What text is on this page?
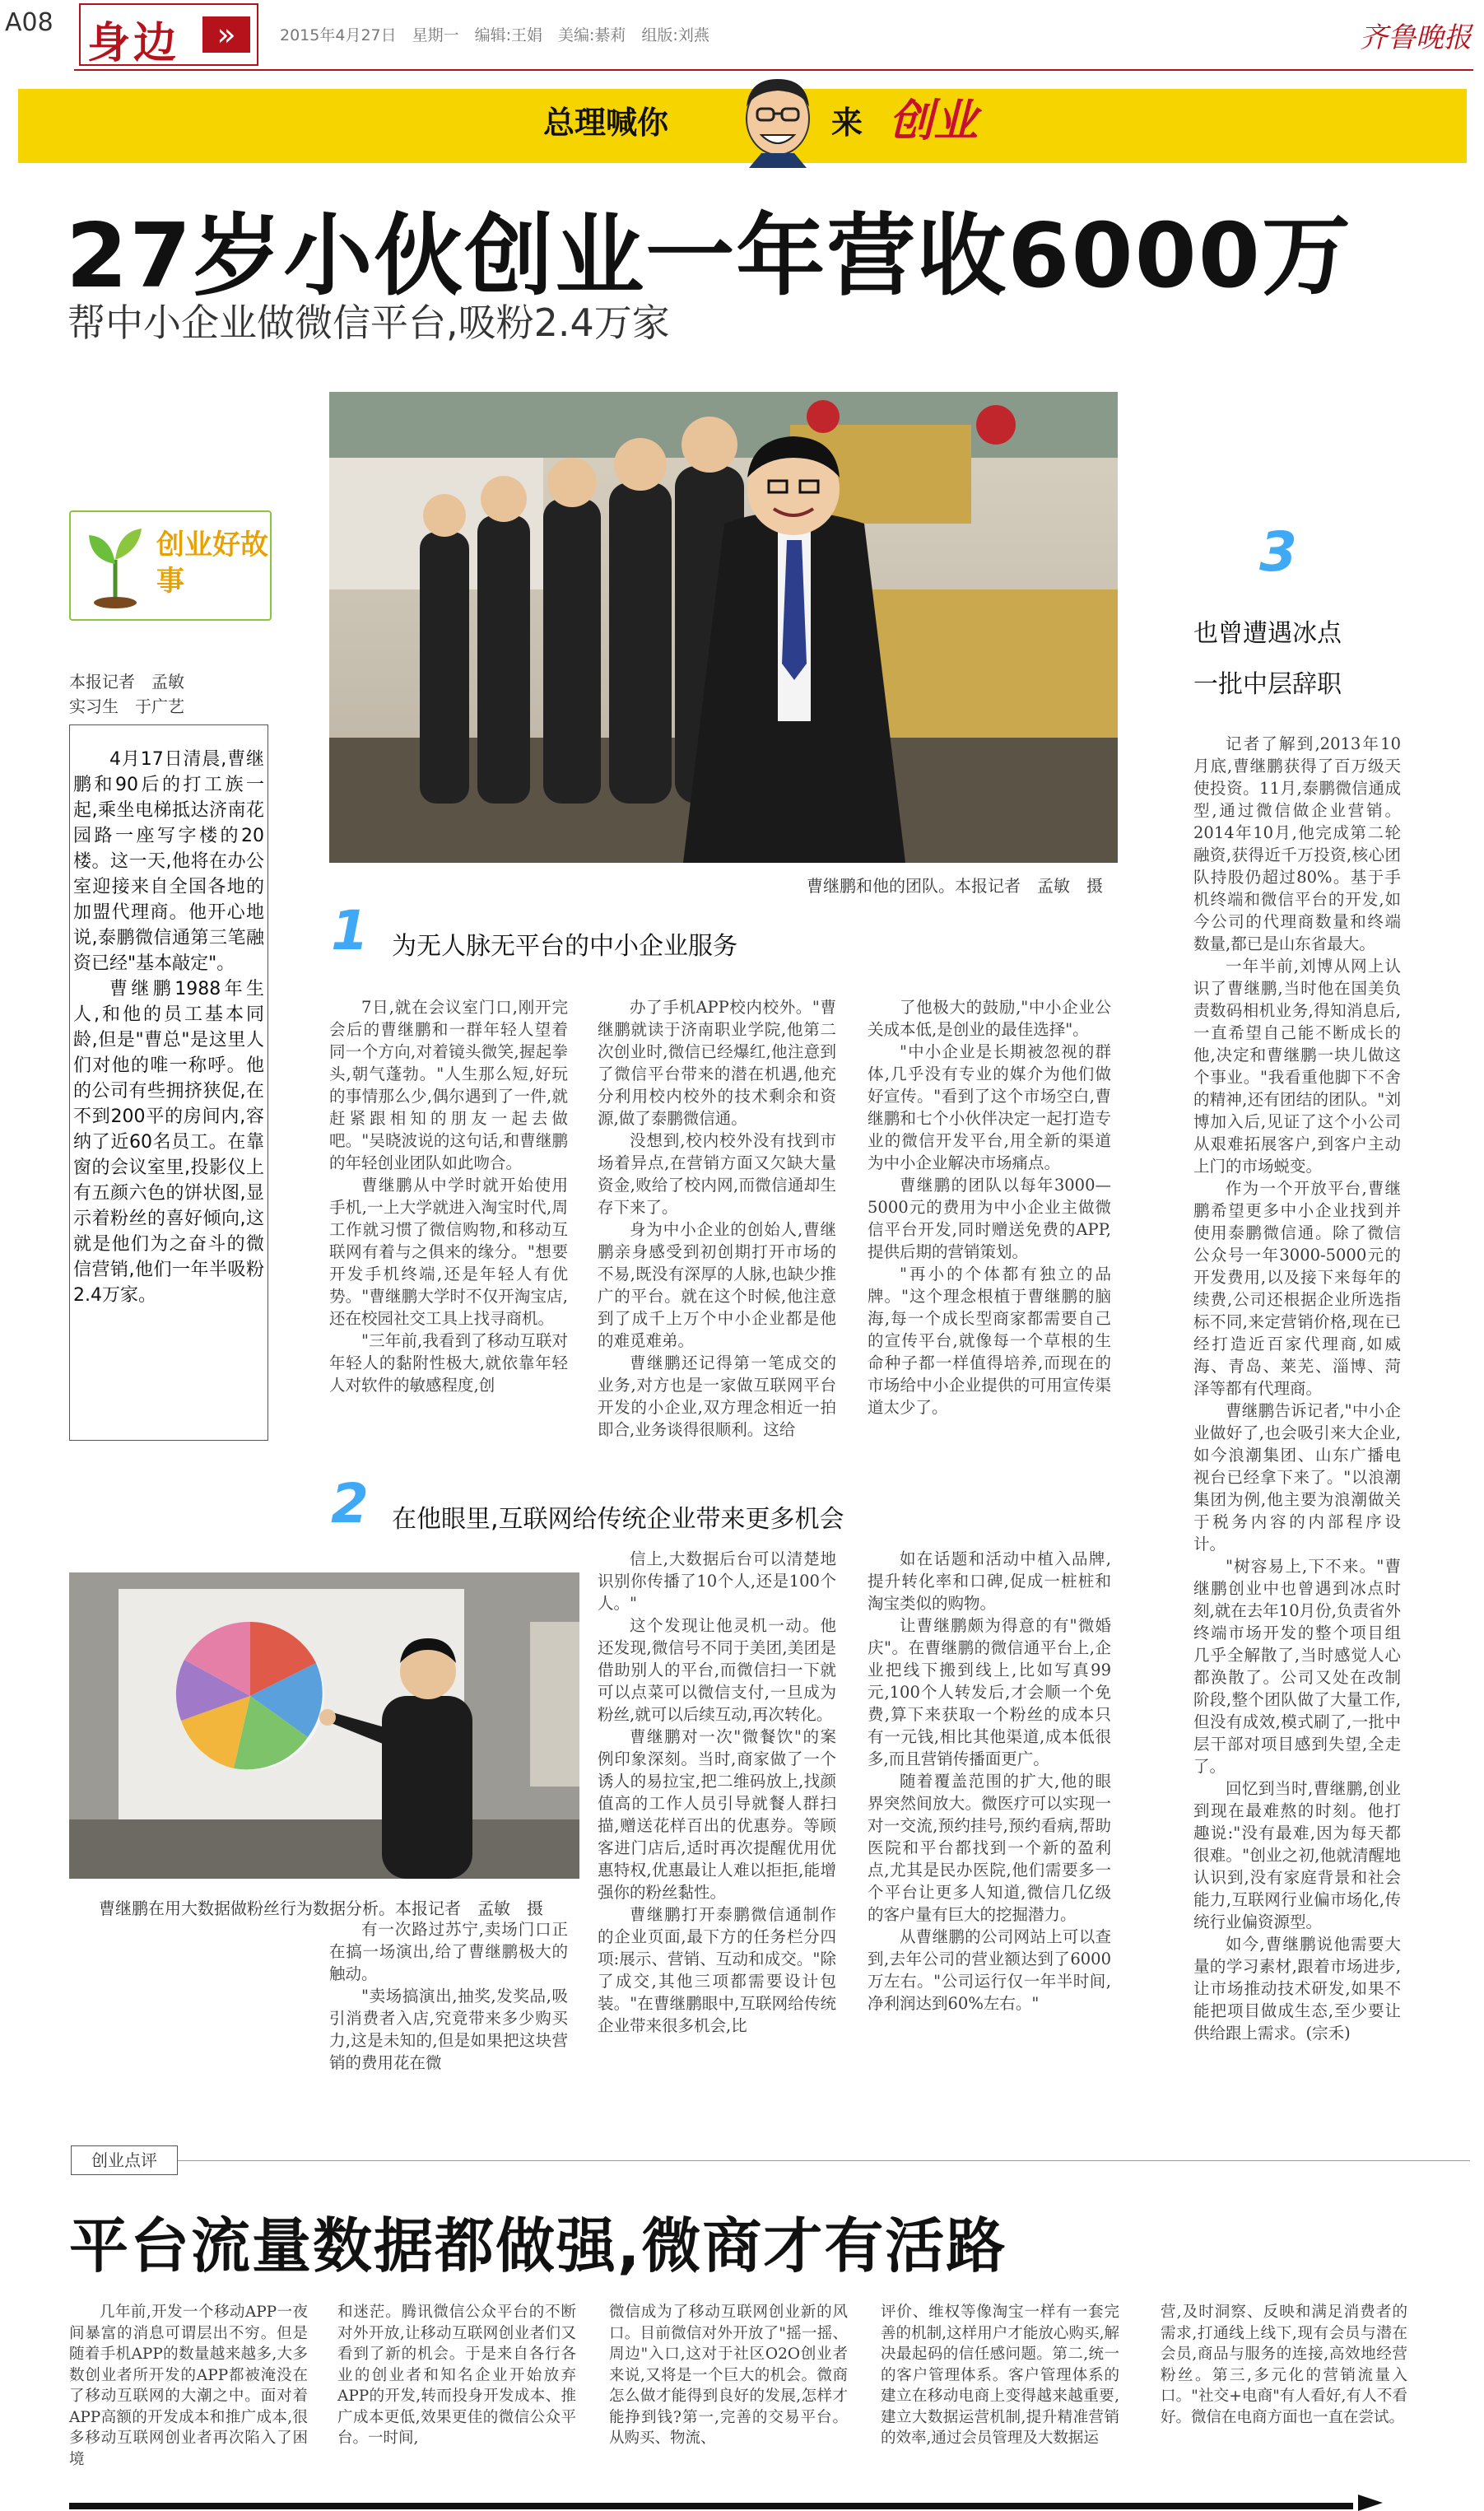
A08 身边	»	2015年4月27日　星期一　编辑:王娟　美编:綦莉　组版:刘燕	齐鲁晚报
总理喊你	来 创业
27岁小伙创业一年营收6000万
帮中小企业做微信平台,吸粉2.4万家
创业好故事
本报记者　孟敏
实习生　于广艺

4月17日清晨,曹继鹏和90后的打工族一起,乘坐电梯抵达济南花园路一座写字楼的20楼。这一天,他将在办公室迎接来自全国各地的加盟代理商。他开心地说,泰鹏微信通第三笔融资已经"基本敲定"。

曹继鹏1988年生人,和他的员工基本同龄,但是"曹总"是这里人们对他的唯一称呼。他的公司有些拥挤狭促,在不到200平的房间内,容纳了近60名员工。在靠窗的会议室里,投影仪上有五颜六色的饼状图,显示着粉丝的喜好倾向,这就是他们为之奋斗的微信营销,他们一年半吸粉2.4万家。

曹继鹏和他的团队。本报记者　孟敏　摄
1 为无人脉无平台的中小企业服务

7日,就在会议室门口,刚开完会后的曹继鹏和一群年轻人望着同一个方向,对着镜头微笑,握起拳头,朝气蓬勃。"人生那么短,好玩的事情那么少,偶尔遇到了一件,就赶紧跟相知的朋友一起去做吧。"吴晓波说的这句话,和曹继鹏的年轻创业团队如此吻合。

曹继鹏从中学时就开始使用手机,一上大学就进入淘宝时代,周工作就习惯了微信购物,和移动互联网有着与之俱来的缘分。"想要开发手机终端,还是年轻人有优势。"曹继鹏大学时不仅开淘宝店,还在校园社交工具上找寻商机。

"三年前,我看到了移动互联对年轻人的黏附性极大,就依靠年轻人对软件的敏感程度,创

办了手机APP校内校外。"曹继鹏就读于济南职业学院,他第二次创业时,微信已经爆红,他注意到了微信平台带来的潜在机遇,他充分利用校内校外的技术剩余和资源,做了泰鹏微信通。

没想到,校内校外没有找到市场着异点,在营销方面又欠缺大量资金,败给了校内网,而微信通却生存下来了。

身为中小企业的创始人,曹继鹏亲身感受到初创期打开市场的不易,既没有深厚的人脉,也缺少推广的平台。就在这个时候,他注意到了成千上万个中小企业都是他的难觅难弟。

曹继鹏还记得第一笔成交的业务,对方也是一家做互联网平台开发的小企业,双方理念相近一拍即合,业务谈得很顺利。这给

了他极大的鼓励,"中小企业公关成本低,是创业的最佳选择"。

"中小企业是长期被忽视的群体,几乎没有专业的媒介为他们做好宣传。"看到了这个市场空白,曹继鹏和七个小伙伴决定一起打造专业的微信开发平台,用全新的渠道为中小企业解决市场痛点。

曹继鹏的团队以每年3000—5000元的费用为中小企业主做微信平台开发,同时赠送免费的APP,提供后期的营销策划。

"再小的个体都有独立的品牌。"这个理念根植于曹继鹏的脑海,每一个成长型商家都需要自己的宣传平台,就像每一个草根的生命种子都一样值得培养,而现在的市场给中小企业提供的可用宣传渠道太少了。

2 在他眼里,互联网给传统企业带来更多机会
曹继鹏在用大数据做粉丝行为数据分析。本报记者　孟敏　摄

有一次路过苏宁,卖场门口正在搞一场演出,给了曹继鹏极大的触动。

"卖场搞演出,抽奖,发奖品,吸引消费者入店,究竟带来多少购买力,这是未知的,但是如果把这块营销的费用花在微

信上,大数据后台可以清楚地识别你传播了10个人,还是100个人。"

这个发现让他灵机一动。他还发现,微信号不同于美团,美团是借助别人的平台,而微信扫一下就可以点菜可以微信支付,一旦成为粉丝,就可以后续互动,再次转化。

曹继鹏对一次"微餐饮"的案例印象深刻。当时,商家做了一个诱人的易拉宝,把二维码放上,找颜值高的工作人员引导就餐人群扫描,赠送花样百出的优惠券。等顾客进门店后,适时再次提醒优用优惠特权,优惠最让人难以拒拒,能增强你的粉丝黏性。

曹继鹏打开泰鹏微信通制作的企业页面,最下方的任务栏分四项:展示、营销、互动和成交。"除了成交,其他三项都需要设计包装。"在曹继鹏眼中,互联网给传统企业带来很多机会,比

如在话题和活动中植入品牌,提升转化率和口碑,促成一桩桩和淘宝类似的购物。

让曹继鹏颇为得意的有"微婚庆"。在曹继鹏的微信通平台上,企业把线下搬到线上,比如写真99元,100个人转发后,才会顺一个免费,算下来获取一个粉丝的成本只有一元钱,相比其他渠道,成本低很多,而且营销传播面更广。

随着覆盖范围的扩大,他的眼界突然间放大。微医疗可以实现一对一交流,预约挂号,预约看病,帮助医院和平台都找到一个新的盈利点,尤其是民办医院,他们需要多一个平台让更多人知道,微信几亿级的客户量有巨大的挖掘潜力。

从曹继鹏的公司网站上可以查到,去年公司的营业额达到了6000万左右。"公司运行仅一年半时间,净利润达到60%左右。"

3
也曾遭遇冰点
一批中层辞职

记者了解到,2013年10月底,曹继鹏获得了百万级天使投资。11月,泰鹏微信通成型,通过微信做企业营销。2014年10月,他完成第二轮融资,获得近千万投资,核心团队持股仍超过80%。基于手机终端和微信平台的开发,如今公司的代理商数量和终端数量,都已是山东省最大。

一年半前,刘博从网上认识了曹继鹏,当时他在国美负责数码相机业务,得知消息后,一直希望自己能不断成长的他,决定和曹继鹏一块儿做这个事业。"我看重他脚下不舍的精神,还有团结的团队。"刘博加入后,见证了这个小公司从艰难拓展客户,到客户主动上门的市场蜕变。

作为一个开放平台,曹继鹏希望更多中小企业找到并使用泰鹏微信通。除了微信公众号一年3000-5000元的开发费用,以及接下来每年的续费,公司还根据企业所选指标不同,来定营销价格,现在已经打造近百家代理商,如威海、青岛、莱芜、淄博、菏泽等都有代理商。

曹继鹏告诉记者,"中小企业做好了,也会吸引来大企业,如今浪潮集团、山东广播电视台已经拿下来了。"以浪潮集团为例,他主要为浪潮做关于税务内容的内部程序设计。

"树容易上,下不来。"曹继鹏创业中也曾遇到冰点时刻,就在去年10月份,负责省外终端市场开发的整个项目组几乎全解散了,当时感觉人心都涣散了。公司又处在改制阶段,整个团队做了大量工作,但没有成效,模式刷了,一批中层干部对项目感到失望,全走了。

回忆到当时,曹继鹏,创业到现在最难熬的时刻。他打趣说:"没有最难,因为每天都很难。"创业之初,他就清醒地认识到,没有家庭背景和社会能力,互联网行业偏市场化,传统行业偏资源型。

如今,曹继鹏说他需要大量的学习素材,跟着市场进步,让市场推动技术研发,如果不能把项目做成生态,至少要让供给跟上需求。(宗禾)

创业点评
平台流量数据都做强,微商才有活路

几年前,开发一个移动APP一夜间暴富的消息可谓层出不穷。但是随着手机APP的数量越来越多,大多数创业者所开发的APP都被淹没在了移动互联网的大潮之中。面对着APP高额的开发成本和推广成本,很多移动互联网创业者再次陷入了困境

和迷茫。腾讯微信公众平台的不断对外开放,让移动互联网创业者们又看到了新的机会。于是来自各行各业的创业者和知名企业开始放弃APP的开发,转而投身开发成本、推广成本更低,效果更佳的微信公众平台。一时间,

微信成为了移动互联网创业新的风口。目前微信对外开放了"摇一摇、周边"入口,这对于社区O2O创业者来说,又将是一个巨大的机会。微商怎么做才能得到良好的发展,怎样才能挣到钱?第一,完善的交易平台。从购买、物流、

评价、维权等像淘宝一样有一套完善的机制,这样用户才能放心购买,解决最起码的信任感问题。第二,统一的客户管理体系。客户管理体系的建立在移动电商上变得越来越重要,建立大数据运营机制,提升精准营销的效率,通过会员管理及大数据运

营,及时洞察、反映和满足消费者的需求,打通线上线下,现有会员与潜在会员,商品与服务的连接,高效地经营粉丝。第三,多元化的营销流量入口。"社交+电商"有人看好,有人不看好。微信在电商方面也一直在尝试。
